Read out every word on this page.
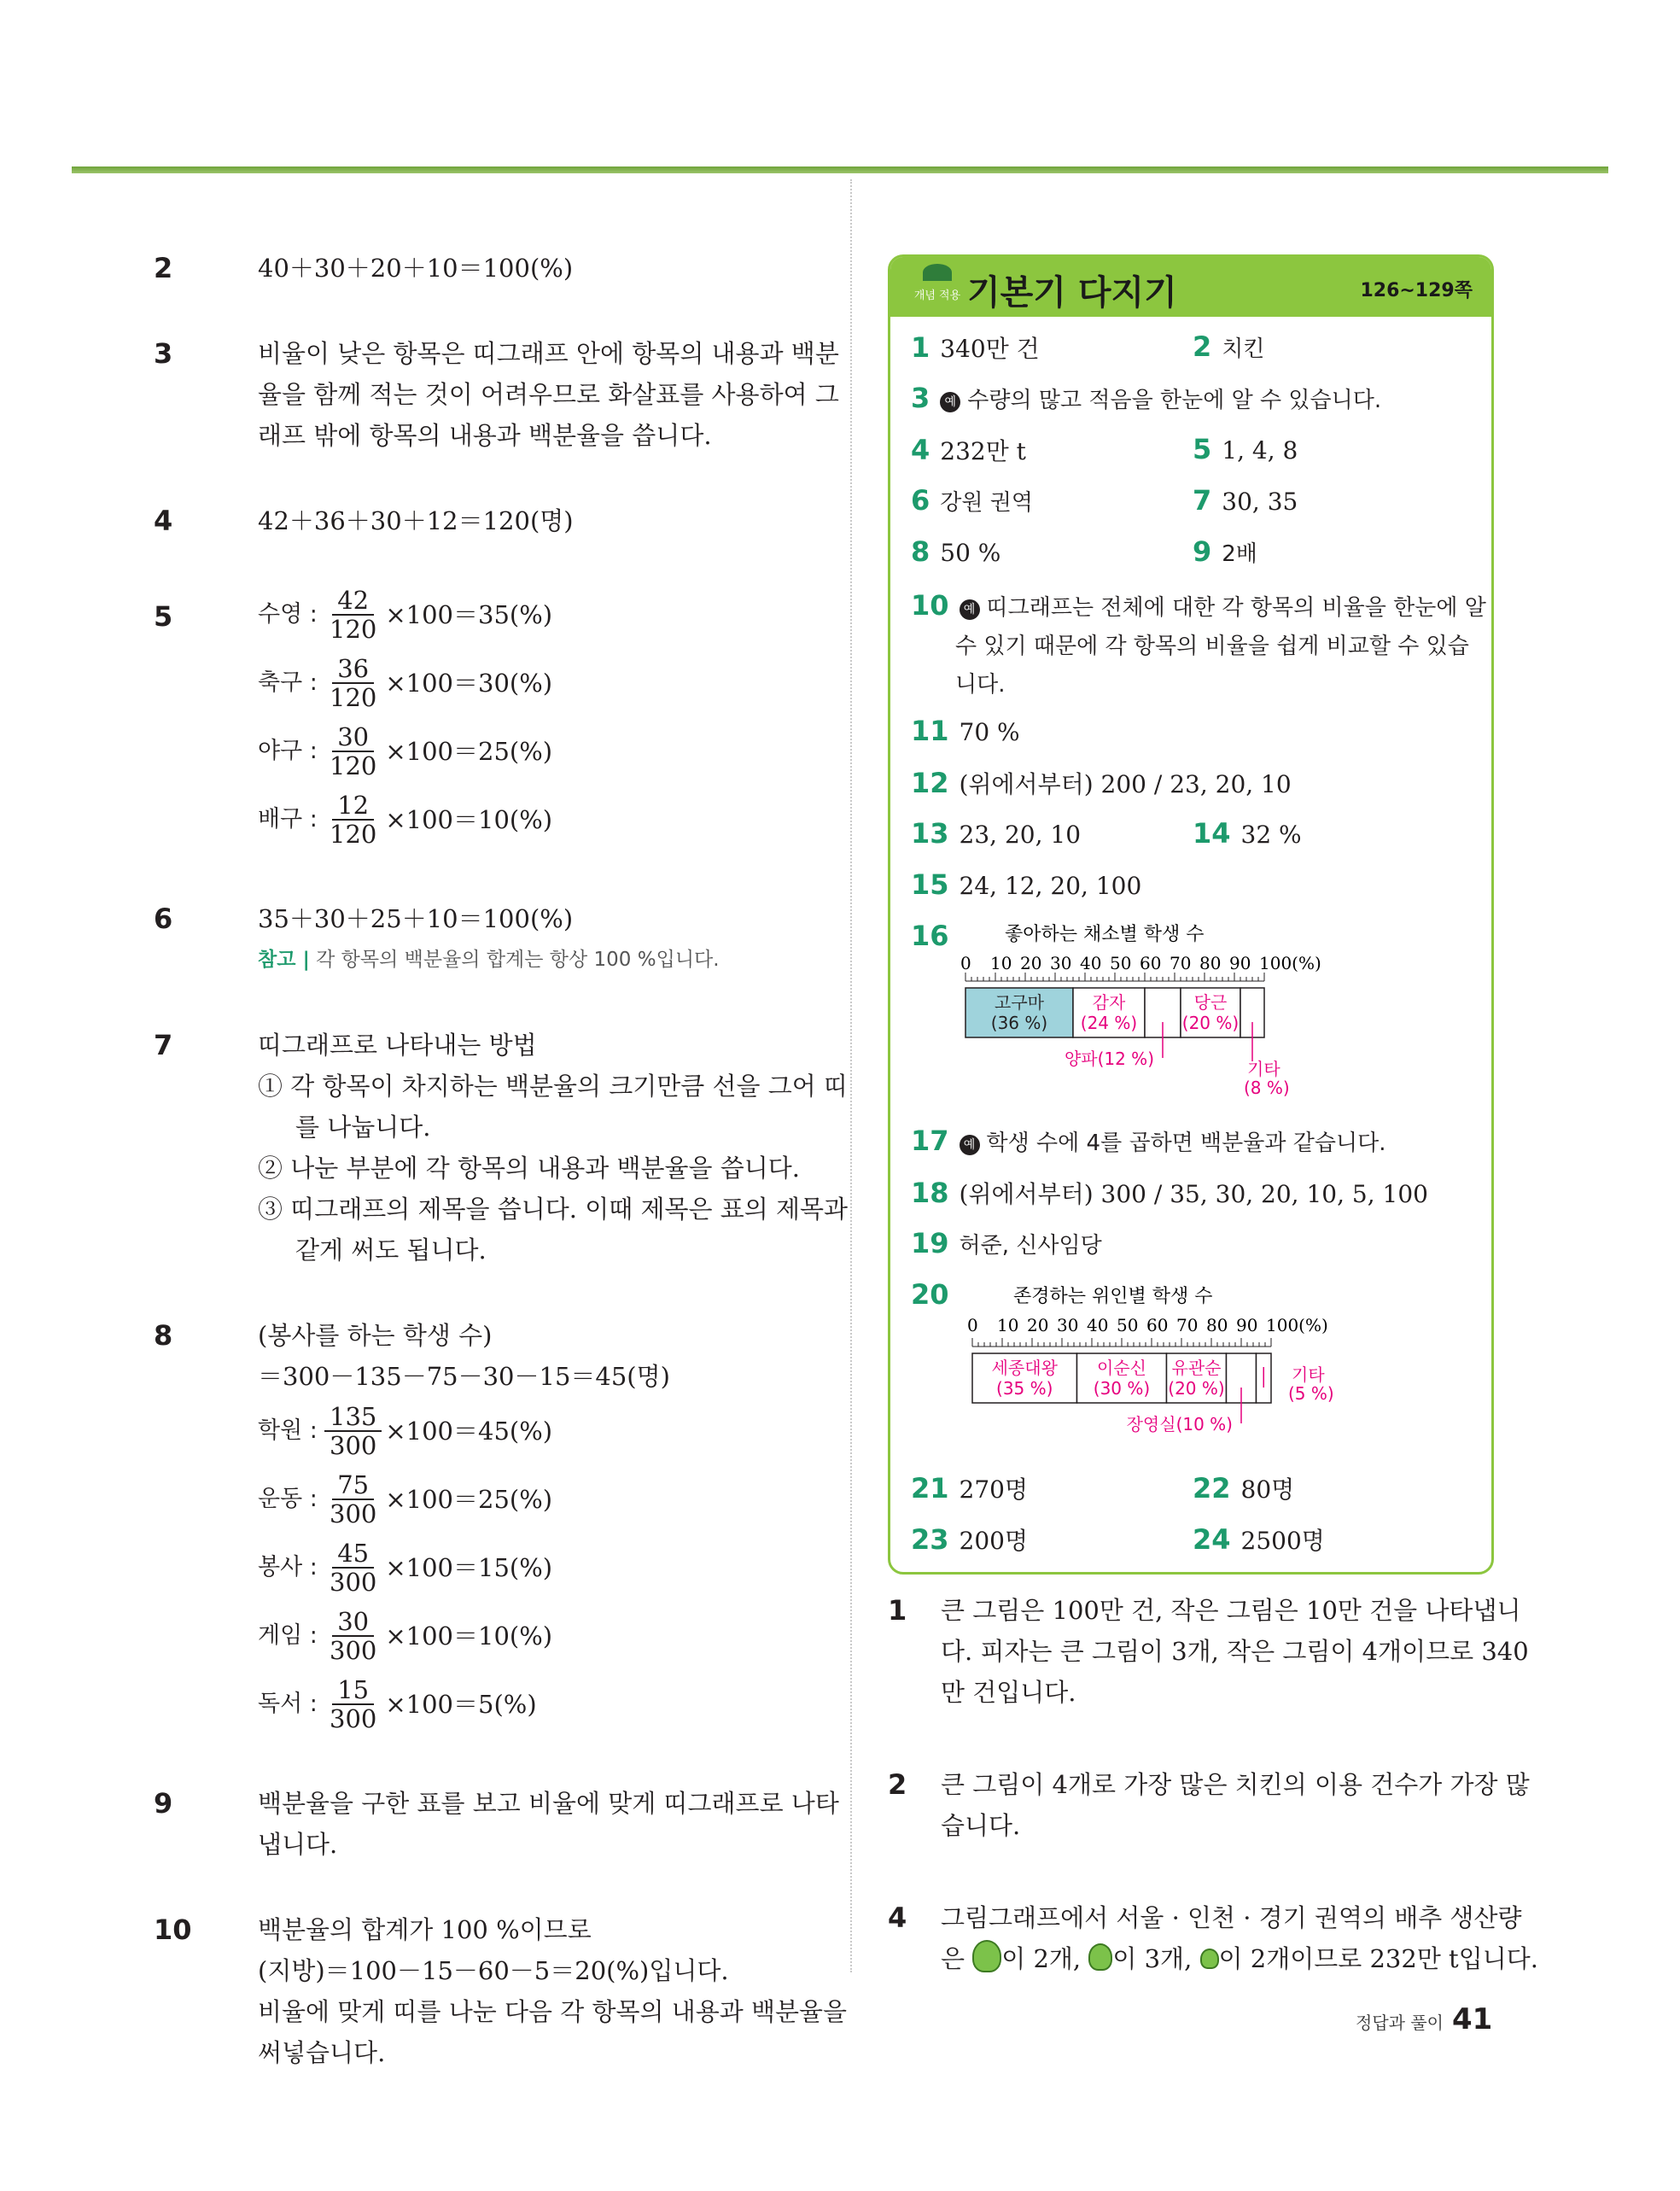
2	40＋30＋20＋10＝100(%)
3	비율이 낮은 항목은 띠그래프 안에 항목의 내용과 백분
율을 함께 적는 것이 어려우므로 화살표를 사용하여 그
래프 밖에 항목의 내용과 백분율을 씁니다.
4	42＋36＋30＋12＝120(명)
5	수영 : $\frac{42}{120} \times 100=35(\%)$
축구 : $\frac{36}{120} \times 100=30(\%)$
야구 : $\frac{30}{120} \times 100=25(\%)$
배구 : $\frac{12}{120} \times 100=10(\%)$
6	35＋30＋25＋10＝100(%)
참고 | 각 항목의 백분율의 합계는 항상 100 %입니다.
7	띠그래프로 나타내는 방법
① 각 항목이 차지하는 백분율의 크기만큼 선을 그어 띠
를 나눕니다.
② 나눈 부분에 각 항목의 내용과 백분율을 씁니다.
③ 띠그래프의 제목을 씁니다. 이때 제목은 표의 제목과
같게 써도 됩니다.
8	(봉사를 하는 학생 수)
＝300－135－75－30－15＝45(명)
학원 : $\frac{135}{300} \times 100=45(\%)$
운동 : $\frac{75}{300} \times 100=25(\%)$
봉사 : $\frac{45}{300} \times 100=15(\%)$
게임 : $\frac{30}{300} \times 100=10(\%)$
독서 : $\frac{15}{300} \times 100=5(\%)$
9	백분율을 구한 표를 보고 비율에 맞게 띠그래프로 나타
냅니다.
10	백분율의 합계가 100 %이므로
(지방)＝100－15－60－5＝20(%)입니다.
비율에 맞게 띠를 나눈 다음 각 항목의 내용과 백분율을
써넣습니다.
개념 적용 기본기 다지기	126~129쪽
1 340만 건	2 치킨
3 예 수량의 많고 적음을 한눈에 알 수 있습니다.
4 232만 t	5 1, 4, 8
6 강원 권역	7 30, 35
8 50 %	9 2배
10 예 띠그래프는 전체에 대한 각 항목의 비율을 한눈에 알
수 있기 때문에 각 항목의 비율을 쉽게 비교할 수 있습
니다.
11 70 %
12 (위에서부터) 200 / 23, 20, 10
13 23, 20, 10	14 32 %
15 24, 12, 20, 100
16	좋아하는 채소별 학생 수
0 10 20 30 40 50 60 70 80 90 100(%)
고구마
(36 %)
감자
(24 %)
양파(12 %)
당근
(20 %)
기타
(8 %)
17 예 학생 수에 4를 곱하면 백분율과 같습니다.
18 (위에서부터) 300 / 35, 30, 20, 10, 5, 100
19 허준, 신사임당
20	존경하는 위인별 학생 수
0 10 20 30 40 50 60 70 80 90 100(%)
세종대왕
(35 %)
이순신
(30 %)
유관순
(20 %)
장영실(10 %)
기타
(5 %)
21 270명	22 80명
23 200명	24 2500명
1 큰 그림은 100만 건, 작은 그림은 10만 건을 나타냅니
다. 피자는 큰 그림이 3개, 작은 그림이 4개이므로 340
만 건입니다.
2 큰 그림이 4개로 가장 많은 치킨의 이용 건수가 가장 많
습니다.
4 그림그래프에서 서울 · 인천 · 경기 권역의 배추 생산량
은 이 2개, 이 3개, 이 2개이므로 232만 t입니다.
정답과 풀이 41
